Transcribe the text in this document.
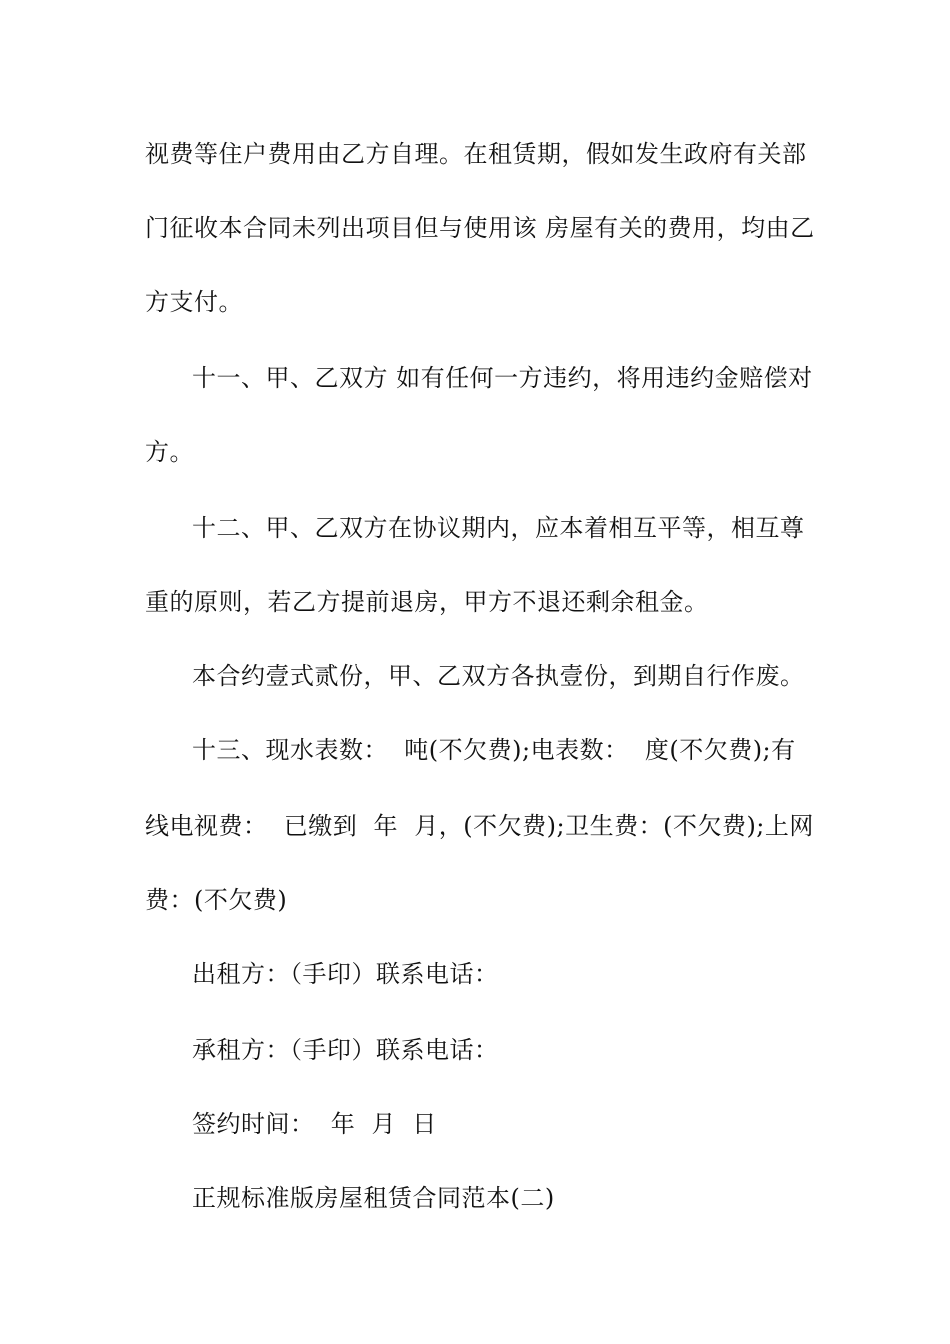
视费等住户费用由乙方自理。在租赁期，假如发生政府有关部
门征收本合同未列出项目但与使用该 房屋有关的费用，均由乙
方支付。
十一、甲、乙双方 如有任何一方违约，将用违约金赔偿对
方。
十二、甲、乙双方在协议期内，应本着相互平等，相互尊
重的原则，若乙方提前退房，甲方不退还剩余租金。
本合约壹式贰份，甲、乙双方各执壹份，到期自行作废。
十三、现水表数：  吨(不欠费);电表数：  度(不欠费);有
线电视费：  已缴到  年  月，(不欠费);卫生费：(不欠费);上网
费：(不欠费)
出租方：（手印）联系电话：
承租方：（手印）联系电话：
签约时间：  年  月  日
正规标准版房屋租赁合同范本(二)
